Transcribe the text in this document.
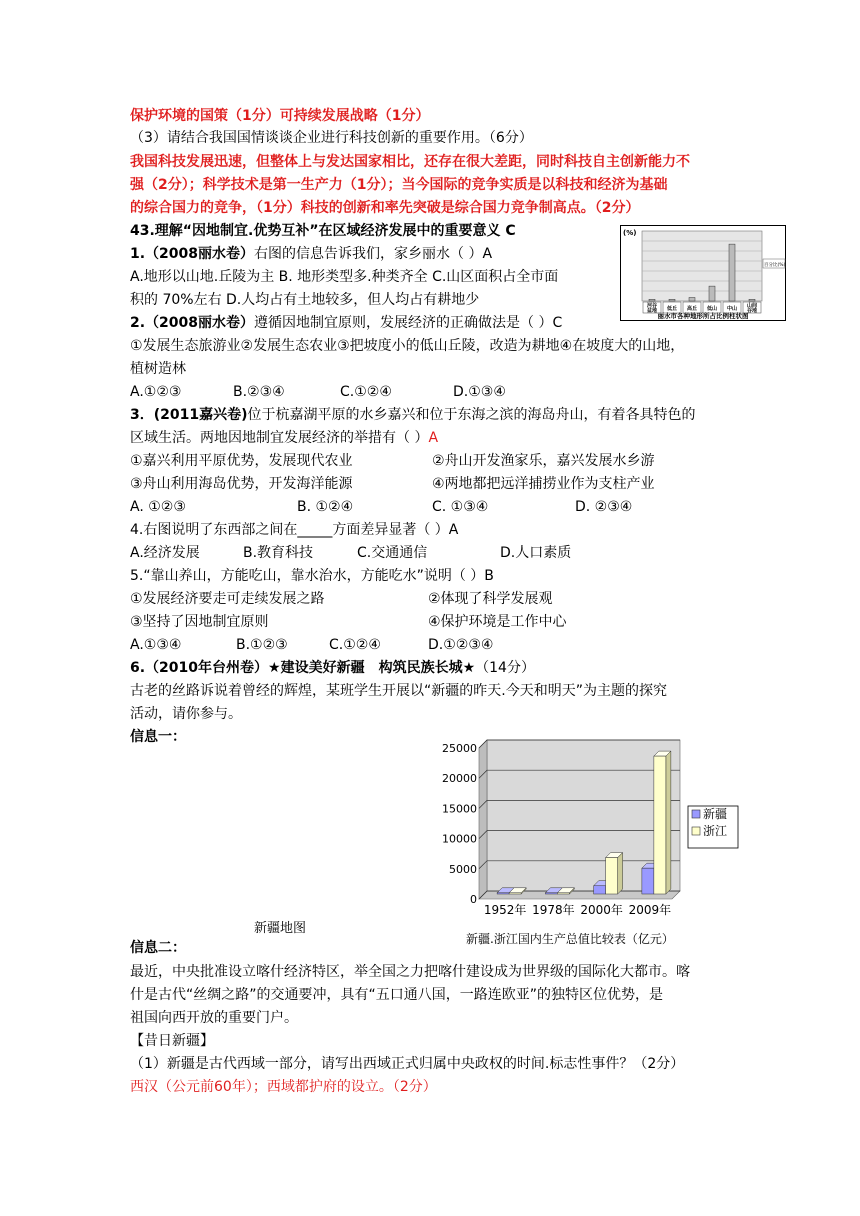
保护环境的国策（1分）可持续发展战略（1分）
（3）请结合我国国情谈谈企业进行科技创新的重要作用。（6分）
我国科技发展迅速，但整体上与发达国家相比，还存在很大差距，同时科技自主创新能力不
强（2分）；科学技术是第一生产力（1分）；当今国际的竞争实质是以科技和经济为基础
的综合国力的竞争，（1分）科技的创新和率先突破是综合国力竞争制高点。（2分）
43.理解“因地制宜.优势互补”在区域经济发展中的重要意义 C
1.（2008丽水卷）右图的信息告诉我们，家乡丽水（ ）A
A.地形以山地.丘陵为主 B. 地形类型多.种类齐全 C.山区面积占全市面
积的 70%左右 D.人均占有土地较多，但人均占有耕地少
2.（2008丽水卷）遵循因地制宜原则，发展经济的正确做法是（ ）C
①发展生态旅游业②发展生态农业③把坡度小的低山丘陵，改造为耕地④在坡度大的山地，
植树造林
A.①②③	B.②③④	C.①②④	D.①③④
3．(2011嘉兴卷)位于杭嘉湖平原的水乡嘉兴和位于东海之滨的海岛舟山，有着各具特色的
区域生活。两地因地制宜发展经济的举措有（ ）A
①嘉兴利用平原优势，发展现代农业	②舟山开发渔家乐，嘉兴发展水乡游
③舟山利用海岛优势，开发海洋能源	④两地都把远洋捕捞业作为支柱产业
A. ①②③	B. ①②④	C. ①③④	D. ②③④
4.右图说明了东西部之间在_____方面差异显著（ ）A
A.经济发展	B.教育科技	C.交通通信	D.人口素质
5.“靠山养山，方能吃山，靠水治水，方能吃水”说明（ ）B
①发展经济要走可走续发展之路	②体现了科学发展观
③坚持了因地制宜原则	④保护环境是工作中心
A.①③④	B.①②③	C.①②④	D.①②③④
6.（2010年台州卷）★建设美好新疆　构筑民族长城★（14分）
古老的丝路诉说着曾经的辉煌，某班学生开展以“新疆的昨天.今天和明天”为主题的探究
活动，请你参与。
信息一：
新疆地图
信息二：
最近，中央批准设立喀什经济特区，举全国之力把喀什建设成为世界级的国际化大都市。喀
什是古代“丝绸之路”的交通要冲，具有“五口通八国，一路连欧亚”的独特区位优势，是
祖国向西开放的重要门户。
【昔日新疆】
（1）新疆是古代西域一部分，请写出西域正式归属中央政权的时间.标志性事件？（2分）
西汉（公元前60年）；西域都护府的设立。（2分）
(%)
百分比(%)
河谷
盆地 低丘 高丘 低山 中山 山间
谷地
丽水市各种地形所占比例柱状图
0
5000
10000
15000
20000
25000
1952年 1978年 2000年 2009年
新疆
浙江
新疆.浙江国内生产总值比较表（亿元）
